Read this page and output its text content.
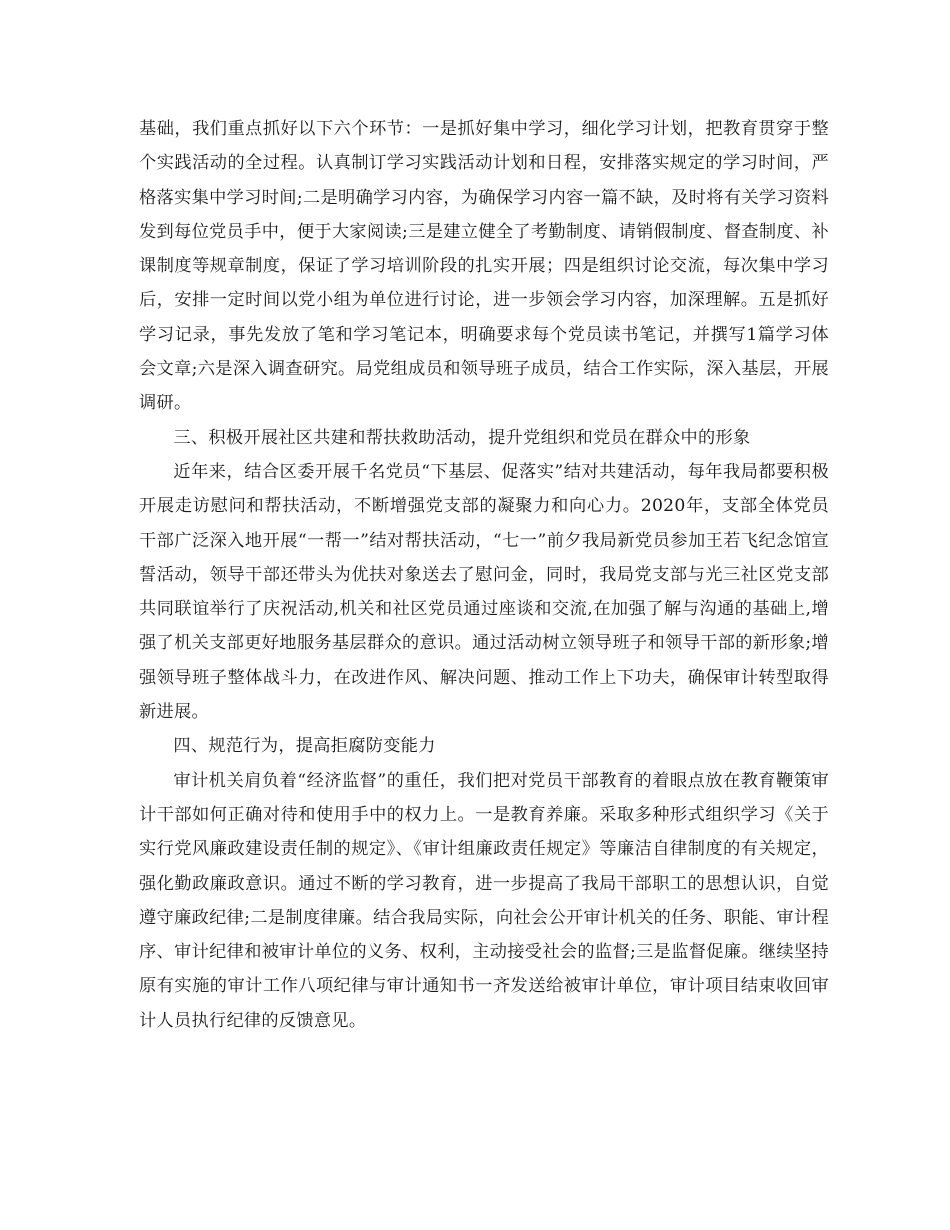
基础，我们重点抓好以下六个环节：一是抓好集中学习，细化学习计划，把教育贯穿于整个实践活动的全过程。认真制订学习实践活动计划和日程，安排落实规定的学习时间，严格落实集中学习时间;二是明确学习内容，为确保学习内容一篇不缺，及时将有关学习资料发到每位党员手中，便于大家阅读;三是建立健全了考勤制度、请销假制度、督查制度、补课制度等规章制度，保证了学习培训阶段的扎实开展；四是组织讨论交流，每次集中学习后，安排一定时间以党小组为单位进行讨论，进一步领会学习内容，加深理解。五是抓好学习记录，事先发放了笔和学习笔记本，明确要求每个党员读书笔记，并撰写1篇学习体会文章;六是深入调查研究。局党组成员和领导班子成员，结合工作实际，深入基层，开展调研。

三、积极开展社区共建和帮扶救助活动，提升党组织和党员在群众中的形象

近年来，结合区委开展千名党员“下基层、促落实”结对共建活动，每年我局都要积极开展走访慰问和帮扶活动，不断增强党支部的凝聚力和向心力。2020年，支部全体党员干部广泛深入地开展“一帮一”结对帮扶活动，“七一”前夕我局新党员参加王若飞纪念馆宣誓活动，领导干部还带头为优扶对象送去了慰问金，同时，我局党支部与光三社区党支部共同联谊举行了庆祝活动,机关和社区党员通过座谈和交流,在加强了解与沟通的基础上,增强了机关支部更好地服务基层群众的意识。通过活动树立领导班子和领导干部的新形象;增强领导班子整体战斗力，在改进作风、解决问题、推动工作上下功夫，确保审计转型取得新进展。

四、规范行为，提高拒腐防变能力

审计机关肩负着“经济监督”的重任，我们把对党员干部教育的着眼点放在教育鞭策审计干部如何正确对待和使用手中的权力上。一是教育养廉。采取多种形式组织学习《关于实行党风廉政建设责任制的规定》、《审计组廉政责任规定》等廉洁自律制度的有关规定，强化勤政廉政意识。通过不断的学习教育，进一步提高了我局干部职工的思想认识，自觉遵守廉政纪律;二是制度律廉。结合我局实际，向社会公开审计机关的任务、职能、审计程序、审计纪律和被审计单位的义务、权利，主动接受社会的监督;三是监督促廉。继续坚持原有实施的审计工作八项纪律与审计通知书一齐发送给被审计单位，审计项目结束收回审计人员执行纪律的反馈意见。
